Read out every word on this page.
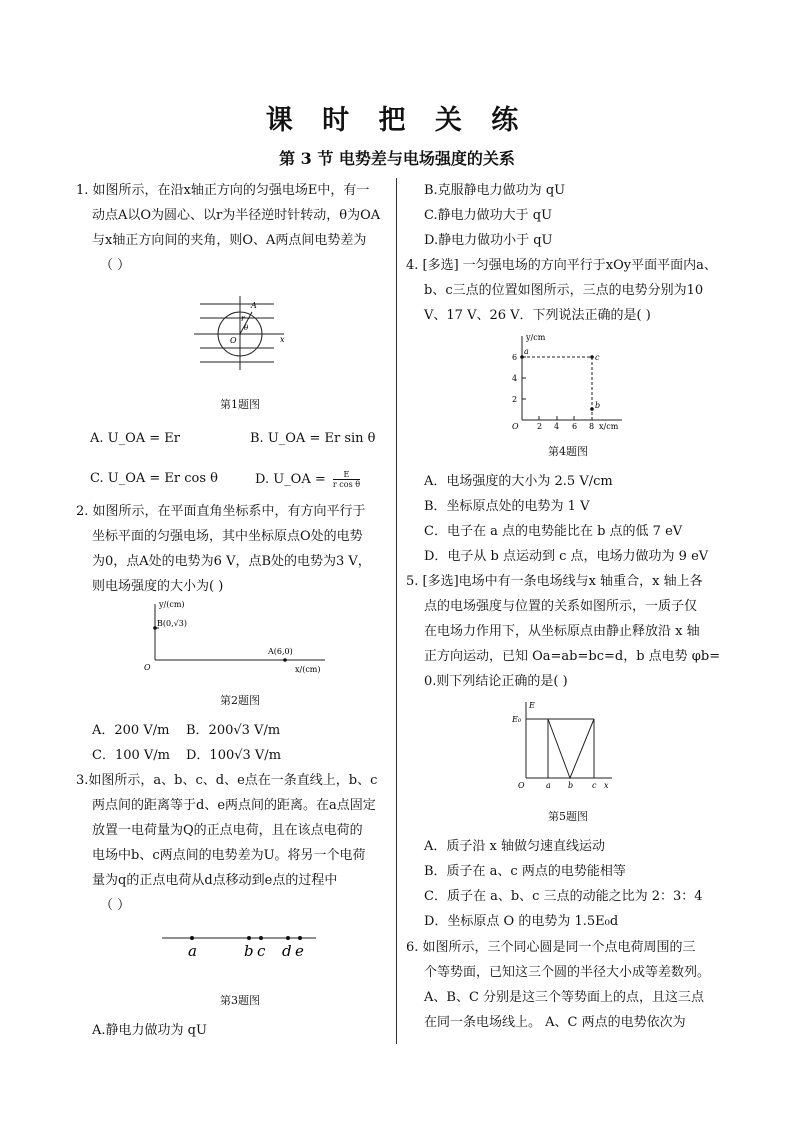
课 时 把 关 练
第 3 节 电势差与电场强度的关系
1. 如图所示，在沿x轴正方向的匀强电场E中，有一
动点A以O为圆心、以r为半径逆时针转动，θ为OA
与x轴正方向间的夹角，则O、A两点间电势差为
（ ）
A
r
θ
O	x
第1题图
A. U_OA = Er	B. U_OA = Er sin θ
C. U_OA = Er cos θ	D. U_OA = $\frac{E}{\text{r cos θ}}$
2. 如图所示，在平面直角坐标系中，有方向平行于
坐标平面的匀强电场，其中坐标原点O处的电势
为0，点A处的电势为6 V，点B处的电势为3 V，
则电场强度的大小为( )
y/(cm)
B(0,√3)
A(6,0)
O	x/(cm)
第2题图
A．200 V/m B．200√3 V/m
C．100 V/m D．100√3 V/m
3.如图所示，a、b、c、d、e点在一条直线上，b、c
两点间的距离等于d、e两点间的距离。在a点固定
放置一电荷量为Q的正点电荷，且在该点电荷的
电场中b、c两点间的电势差为U。将另一个电荷
量为q的正点电荷从d点移动到e点的过程中
（ ）
a	b c d e
第3题图
A.静电力做功为 qU
B.克服静电力做功为 qU
C.静电力做功大于 qU
D.静电力做功小于 qU
4. [多选] 一匀强电场的方向平行于xOy平面平面内a、
b、c三点的位置如图所示，三点的电势分别为10
V、17 V、26 V．下列说法正确的是( )
y/cm
a
c
b
6
4
2
O 2 4 6 8 x/cm
第4题图
A．电场强度的大小为 2.5 V/cm
B．坐标原点处的电势为 1 V
C．电子在 a 点的电势能比在 b 点的低 7 eV
D．电子从 b 点运动到 c 点，电场力做功为 9 eV
5. [多选]电场中有一条电场线与x 轴重合，x 轴上各
点的电场强度与位置的关系如图所示，一质子仅
在电场力作用下，从坐标原点由静止释放沿 x 轴
正方向运动，已知 Oa=ab=bc=d，b 点电势 φb=
0.则下列结论正确的是( )
E
E₀
O	a b c x
第5题图
A．质子沿 x 轴做匀速直线运动
B．质子在 a、c 两点的电势能相等
C．质子在 a、b、c 三点的动能之比为 2：3：4
D．坐标原点 O 的电势为 1.5E₀d
6. 如图所示，三个同心圆是同一个点电荷周围的三
个等势面，已知这三个圆的半径大小成等差数列。
A、B、C 分别是这三个等势面上的点，且这三点
在同一条电场线上。 A、C 两点的电势依次为
